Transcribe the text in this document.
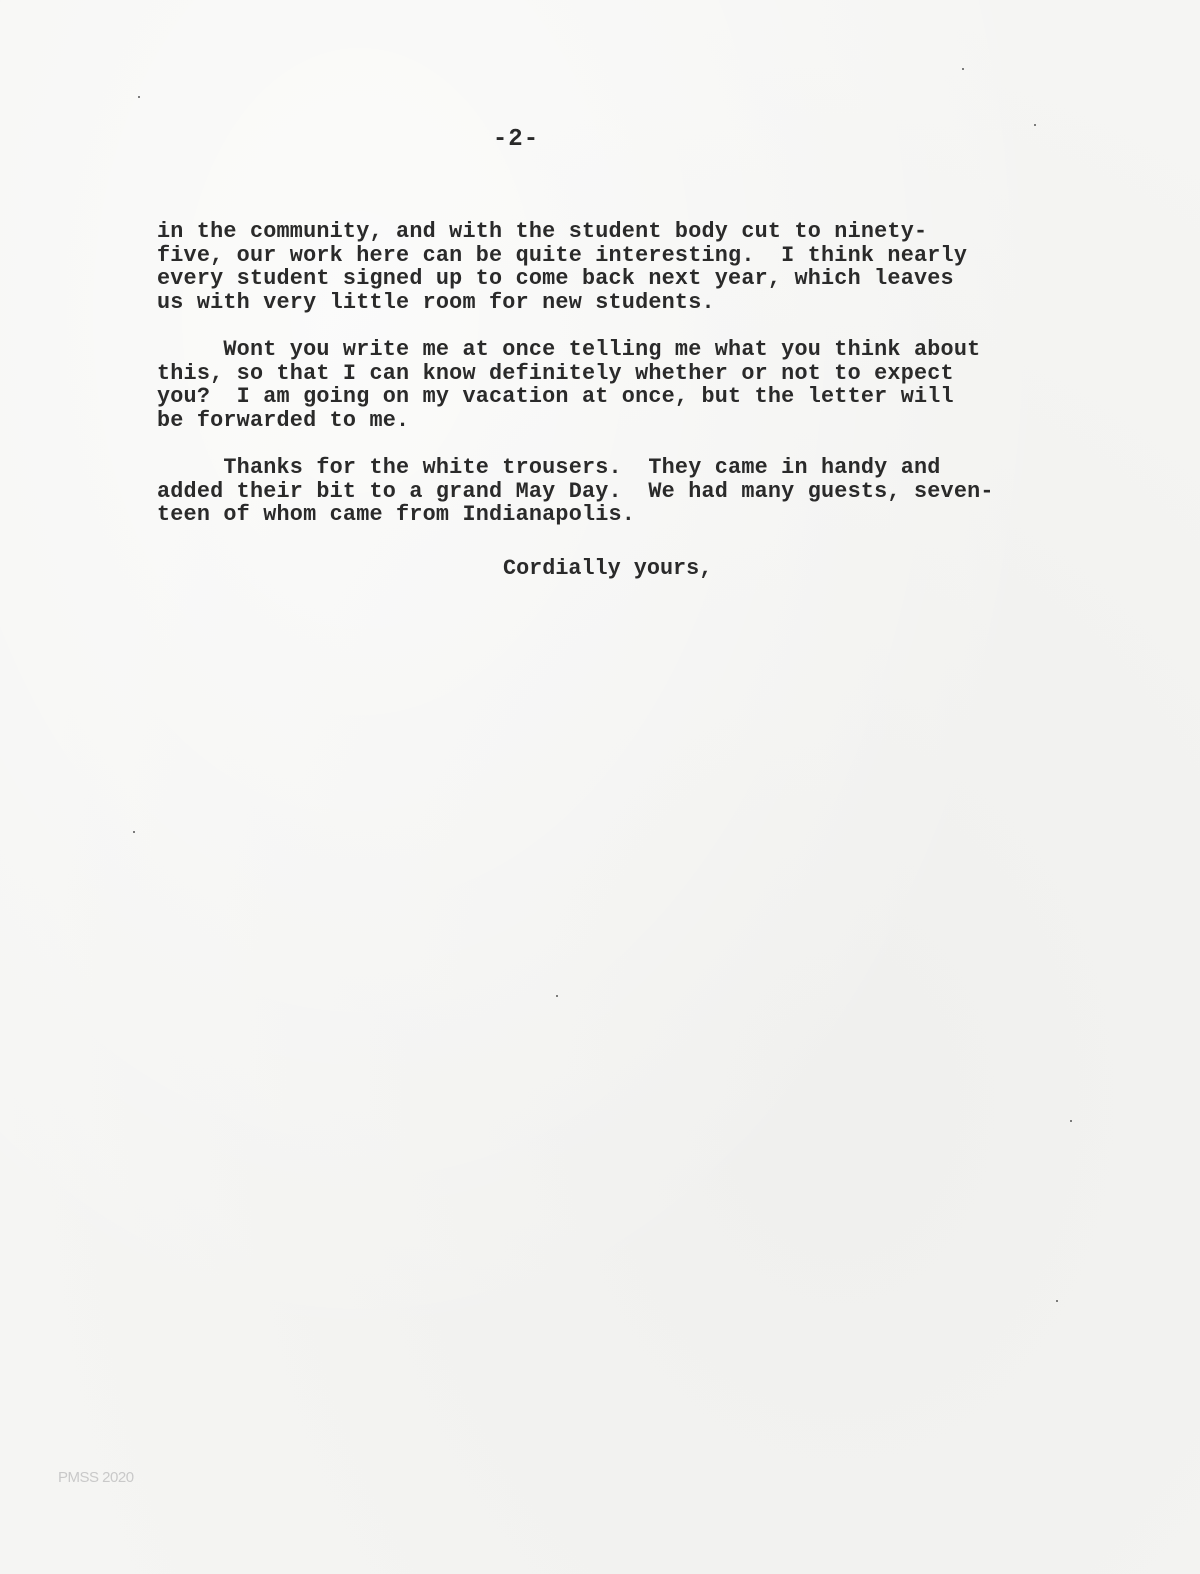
-2-
in the community, and with the student body cut to ninety-
five, our work here can be quite interesting.  I think nearly
every student signed up to come back next year, which leaves
us with very little room for new students.
Wont you write me at once telling me what you think about
this, so that I can know definitely whether or not to expect
you?  I am going on my vacation at once, but the letter will
be forwarded to me.
Thanks for the white trousers.  They came in handy and
added their bit to a grand May Day.  We had many guests, seven-
teen of whom came from Indianapolis.
Cordially yours,
PMSS 2020
